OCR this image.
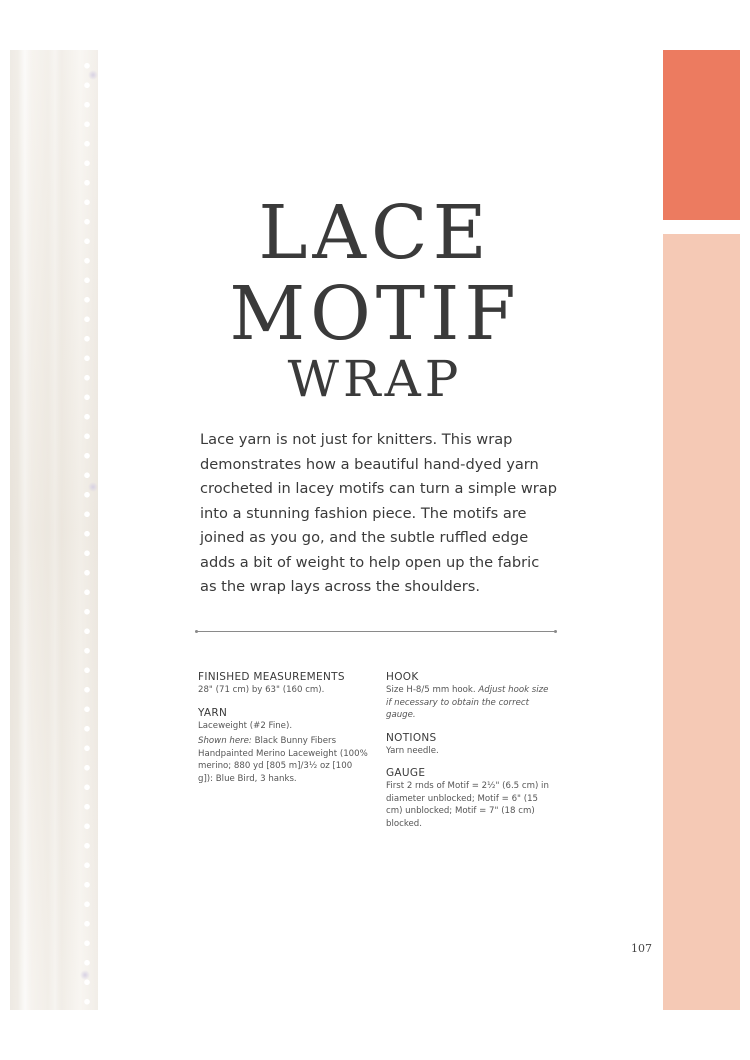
LACE
MOTIF
WRAP

Lace yarn is not just for knitters. This wrap demonstrates how a beautiful hand-dyed yarn crocheted in lacey motifs can turn a simple wrap into a stunning fashion piece. The motifs are joined as you go, and the subtle ruffled edge adds a bit of weight to help open up the fabric as the wrap lays across the shoulders.

FINISHED MEASUREMENTS

28" (71 cm) by 63" (160 cm).

YARN

Laceweight (#2 Fine).

Shown here: Black Bunny Fibers Handpainted Merino Laceweight (100% merino; 880 yd [805 m]/3½ oz [100 g]): Blue Bird, 3 hanks.

HOOK

Size H-8/5 mm hook. Adjust hook size if necessary to obtain the correct gauge.

NOTIONS

Yarn needle.

GAUGE

First 2 rnds of Motif = 2½" (6.5 cm) in diameter unblocked; Motif = 6" (15 cm) unblocked; Motif = 7" (18 cm) blocked.

107
